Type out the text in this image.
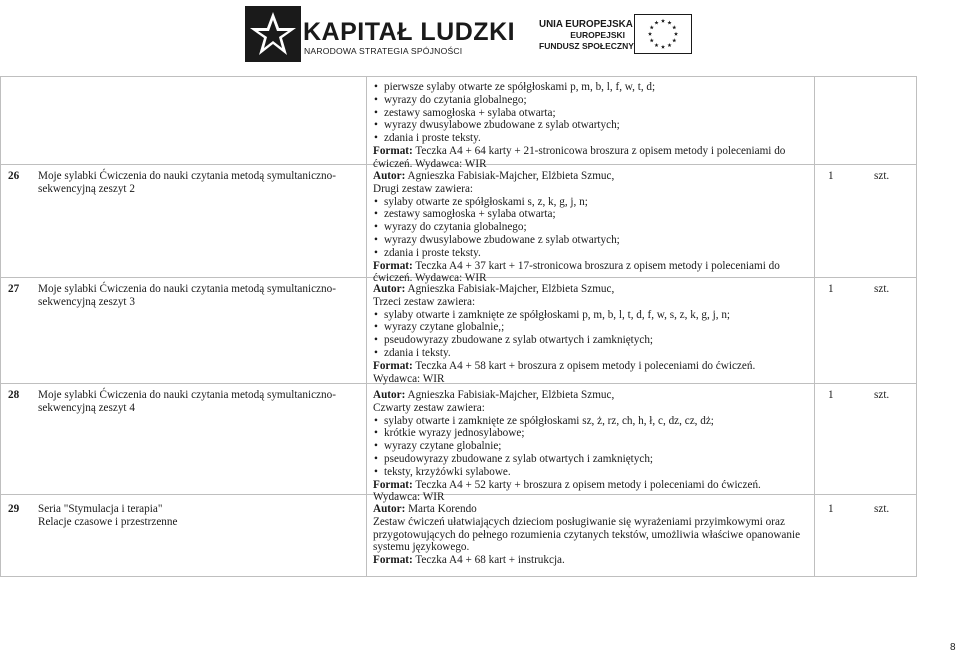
KAPITAŁ LUDZKI
NARODOWA STRATEGIA SPÓJNOŚCI
UNIA EUROPEJSKA
EUROPEJSKI
FUNDUSZ SPOŁECZNY
• pierwsze sylaby otwarte ze spółgłoskami p, m, b, l, f, w, t, d;
• wyrazy do czytania globalnego;
• zestawy samogłoska + sylaba otwarta;
• wyrazy dwusylabowe zbudowane z sylab otwartych;
• zdania i proste teksty.
Format: Teczka A4 + 64 karty + 21-stronicowa broszura z opisem metody i poleceniami do
ćwiczeń. Wydawca: WIR
26 Moje sylabki Ćwiczenia do nauki czytania metodą symultaniczno-
sekwencyjną zeszyt 2
Autor: Agnieszka Fabisiak-Majcher, Elżbieta Szmuc,
Drugi zestaw zawiera:
• sylaby otwarte ze spółgłoskami s, z, k, g, j, n;
• zestawy samogłoska + sylaba otwarta;
• wyrazy do czytania globalnego;
• wyrazy dwusylabowe zbudowane z sylab otwartych;
• zdania i proste teksty.
Format: Teczka A4 + 37 kart + 17-stronicowa broszura z opisem metody i poleceniami do
ćwiczeń. Wydawca: WIR
1	szt.
27 Moje sylabki Ćwiczenia do nauki czytania metodą symultaniczno-
sekwencyjną zeszyt 3
Autor: Agnieszka Fabisiak-Majcher, Elżbieta Szmuc,
Trzeci zestaw zawiera:
• sylaby otwarte i zamknięte ze spółgłoskami p, m, b, l, t, d, f, w, s, z, k, g, j, n;
• wyrazy czytane globalnie,;
• pseudowyrazy zbudowane z sylab otwartych i zamkniętych;
• zdania i teksty.
Format: Teczka A4 + 58 kart + broszura z opisem metody i poleceniami do ćwiczeń.
Wydawca: WIR
1	szt.
28 Moje sylabki Ćwiczenia do nauki czytania metodą symultaniczno-
sekwencyjną zeszyt 4
Autor: Agnieszka Fabisiak-Majcher, Elżbieta Szmuc,
Czwarty zestaw zawiera:
• sylaby otwarte i zamknięte ze spółgłoskami sz, ż, rz, ch, h, ł, c, dz, cz, dż;
• krótkie wyrazy jednosylabowe;
• wyrazy czytane globalnie;
• pseudowyrazy zbudowane z sylab otwartych i zamkniętych;
• teksty, krzyżówki sylabowe.
Format: Teczka A4 + 52 karty + broszura z opisem metody i poleceniami do ćwiczeń.
Wydawca: WIR
1	szt.
29 Seria "Stymulacja i terapia"
Relacje czasowe i przestrzenne
Autor: Marta Korendo
Zestaw ćwiczeń ułatwiających dzieciom posługiwanie się wyrażeniami przyimkowymi oraz
przygotowujących do pełnego rozumienia czytanych tekstów, umożliwia właściwe opanowanie
systemu językowego.
Format: Teczka A4 + 68 kart + instrukcja.
1	szt.
8
